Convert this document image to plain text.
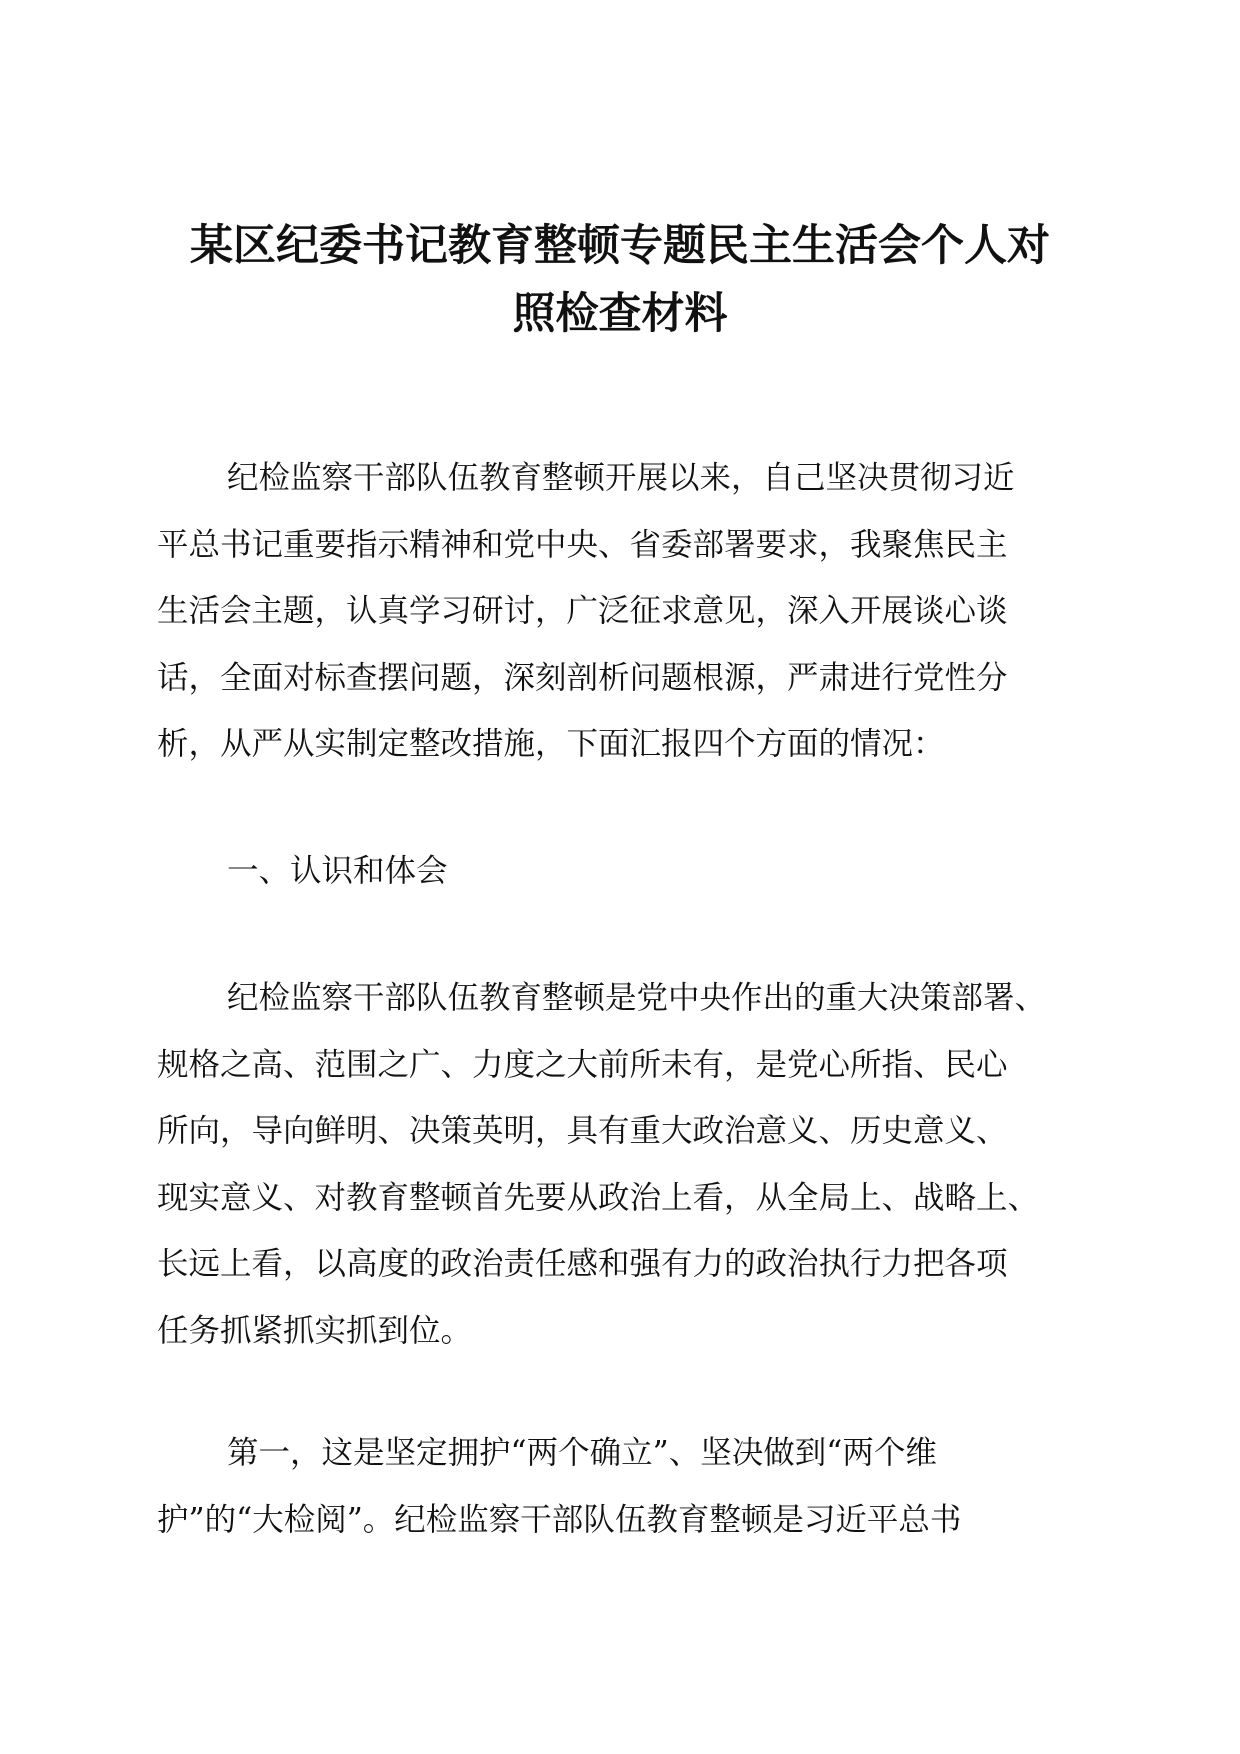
某区纪委书记教育整顿专题民主生活会个人对
照检查材料
纪检监察干部队伍教育整顿开展以来，自己坚决贯彻习近
平总书记重要指示精神和党中央、省委部署要求，我聚焦民主
生活会主题，认真学习研讨，广泛征求意见，深入开展谈心谈
话，全面对标查摆问题，深刻剖析问题根源，严肃进行党性分
析，从严从实制定整改措施，下面汇报四个方面的情况：
一、认识和体会
纪检监察干部队伍教育整顿是党中央作出的重大决策部署、
规格之高、范围之广、力度之大前所未有，是党心所指、民心
所向，导向鲜明、决策英明，具有重大政治意义、历史意义、
现实意义、对教育整顿首先要从政治上看，从全局上、战略上、
长远上看，以高度的政治责任感和强有力的政治执行力把各项
任务抓紧抓实抓到位。
第一，这是坚定拥护“两个确立”、坚决做到“两个维
护”的“大检阅”。纪检监察干部队伍教育整顿是习近平总书
